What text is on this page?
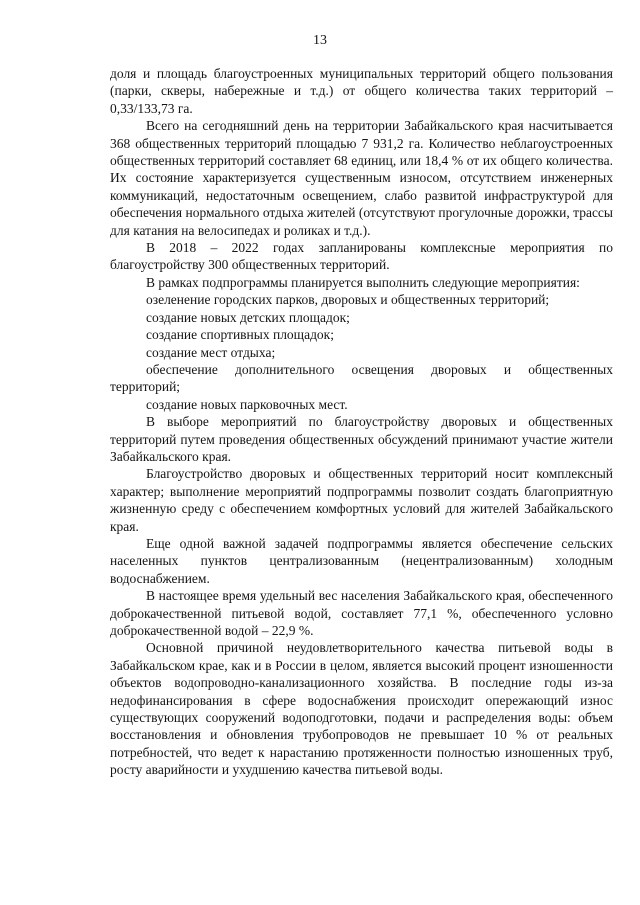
13

доля и площадь благоустроенных муниципальных территорий общего пользования (парки, скверы, набережные и т.д.) от общего количества таких территорий – 0,33/133,73 га.

Всего на сегодняшний день на территории Забайкальского края насчитывается 368 общественных территорий площадью 7 931,2 га. Количество неблагоустроенных общественных территорий составляет 68 единиц, или 18,4 % от их общего количества. Их состояние характеризуется существенным износом, отсутствием инженерных коммуникаций, недостаточным освещением, слабо развитой инфраструктурой для обеспечения нормального отдыха жителей (отсутствуют прогулочные дорожки, трассы для катания на велосипедах и роликах и т.д.).

В 2018 – 2022 годах запланированы комплексные мероприятия по благоустройству 300 общественных территорий.

В рамках подпрограммы планируется выполнить следующие мероприятия:

озеленение городских парков, дворовых и общественных территорий;

создание новых детских площадок;

создание спортивных площадок;

создание мест отдыха;

обеспечение дополнительного освещения дворовых и общественных территорий;

создание новых парковочных мест.

В выборе мероприятий по благоустройству дворовых и общественных территорий путем проведения общественных обсуждений принимают участие жители Забайкальского края.

Благоустройство дворовых и общественных территорий носит комплексный характер; выполнение мероприятий подпрограммы позволит создать благоприятную жизненную среду с обеспечением комфортных условий для жителей Забайкальского края.

Еще одной важной задачей подпрограммы является обеспечение сельских населенных пунктов централизованным (нецентрализованным) холодным водоснабжением.

В настоящее время удельный вес населения Забайкальского края, обеспеченного доброкачественной питьевой водой, составляет 77,1 %, обеспеченного условно доброкачественной водой – 22,9 %.

Основной причиной неудовлетворительного качества питьевой воды в Забайкальском крае, как и в России в целом, является высокий процент изношенности объектов водопроводно-канализационного хозяйства. В последние годы из-за недофинансирования в сфере водоснабжения происходит опережающий износ существующих сооружений водоподготовки, подачи и распределения воды: объем восстановления и обновления трубопроводов не превышает 10 % от реальных потребностей, что ведет к нарастанию протяженности полностью изношенных труб, росту аварийности и ухудшению качества питьевой воды.
